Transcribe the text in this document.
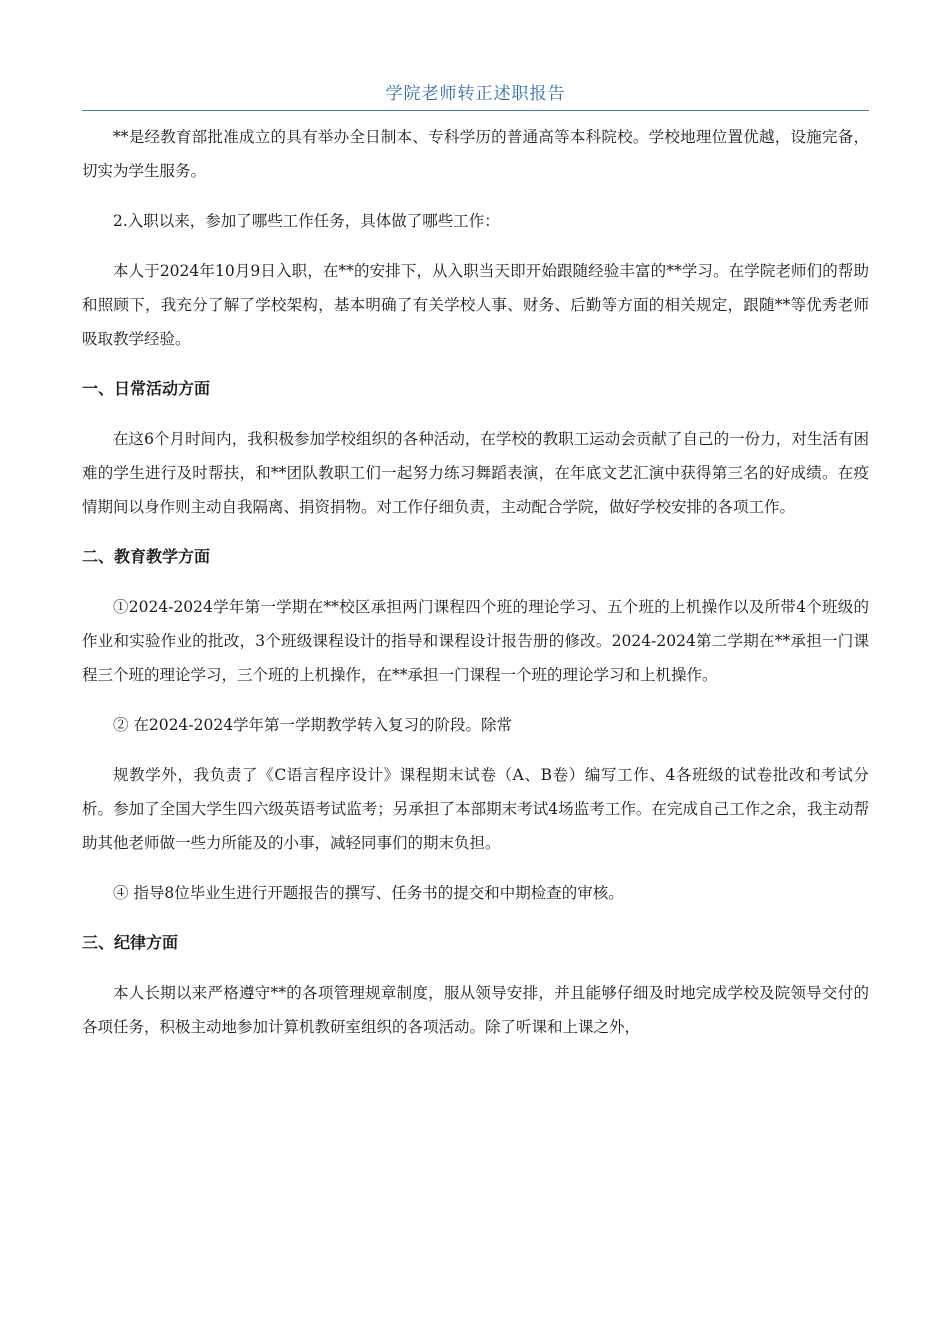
学院老师转正述职报告

**是经教育部批准成立的具有举办全日制本、专科学历的普通高等本科院校。学校地理位置优越，设施完备，切实为学生服务。

2.入职以来，参加了哪些工作任务，具体做了哪些工作：

本人于2024年10月9日入职，在**的安排下，从入职当天即开始跟随经验丰富的**学习。在学院老师们的帮助和照顾下，我充分了解了学校架构，基本明确了有关学校人事、财务、后勤等方面的相关规定，跟随**等优秀老师吸取教学经验。

一、日常活动方面

在这6个月时间内，我积极参加学校组织的各种活动，在学校的教职工运动会贡献了自己的一份力，对生活有困难的学生进行及时帮扶，和**团队教职工们一起努力练习舞蹈表演，在年底文艺汇演中获得第三名的好成绩。在疫情期间以身作则主动自我隔离、捐资捐物。对工作仔细负责，主动配合学院，做好学校安排的各项工作。

二、教育教学方面

①2024-2024学年第一学期在**校区承担两门课程四个班的理论学习、五个班的上机操作以及所带4个班级的作业和实验作业的批改，3个班级课程设计的指导和课程设计报告册的修改。2024-2024第二学期在**承担一门课程三个班的理论学习，三个班的上机操作，在**承担一门课程一个班的理论学习和上机操作。

② 在2024-2024学年第一学期教学转入复习的阶段。除常

规教学外，我负责了《C语言程序设计》课程期末试卷（A、B卷）编写工作、4各班级的试卷批改和考试分析。参加了全国大学生四六级英语考试监考；另承担了本部期末考试4场监考工作。在完成自己工作之余，我主动帮助其他老师做一些力所能及的小事，减轻同事们的期末负担。

④ 指导8位毕业生进行开题报告的撰写、任务书的提交和中期检查的审核。

三、纪律方面

本人长期以来严格遵守**的各项管理规章制度，服从领导安排，并且能够仔细及时地完成学校及院领导交付的各项任务，积极主动地参加计算机教研室组织的各项活动。除了听课和上课之外，
